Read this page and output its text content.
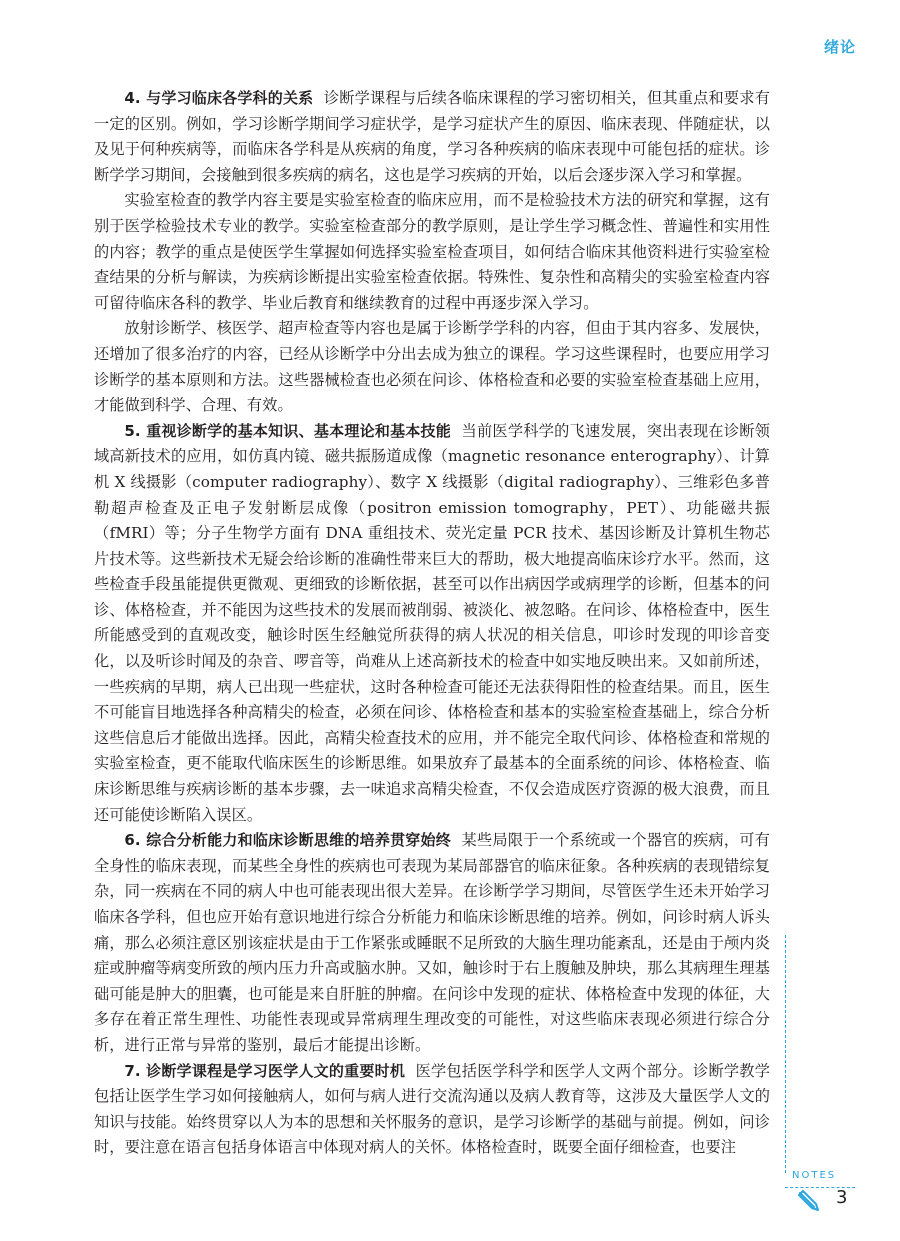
绪论

4. 与学习临床各学科的关系 诊断学课程与后续各临床课程的学习密切相关，但其重点和要求有一定的区别。例如，学习诊断学期间学习症状学，是学习症状产生的原因、临床表现、伴随症状，以及见于何种疾病等，而临床各学科是从疾病的角度，学习各种疾病的临床表现中可能包括的症状。诊断学学习期间，会接触到很多疾病的病名，这也是学习疾病的开始，以后会逐步深入学习和掌握。

实验室检查的教学内容主要是实验室检查的临床应用，而不是检验技术方法的研究和掌握，这有别于医学检验技术专业的教学。实验室检查部分的教学原则，是让学生学习概念性、普遍性和实用性的内容；教学的重点是使医学生掌握如何选择实验室检查项目，如何结合临床其他资料进行实验室检查结果的分析与解读，为疾病诊断提出实验室检查依据。特殊性、复杂性和高精尖的实验室检查内容可留待临床各科的教学、毕业后教育和继续教育的过程中再逐步深入学习。

放射诊断学、核医学、超声检查等内容也是属于诊断学学科的内容，但由于其内容多、发展快，还增加了很多治疗的内容，已经从诊断学中分出去成为独立的课程。学习这些课程时，也要应用学习诊断学的基本原则和方法。这些器械检查也必须在问诊、体格检查和必要的实验室检查基础上应用，才能做到科学、合理、有效。

5. 重视诊断学的基本知识、基本理论和基本技能 当前医学科学的飞速发展，突出表现在诊断领域高新技术的应用，如仿真内镜、磁共振肠道成像（magnetic resonance enterography）、计算机 X 线摄影（computer radiography）、数字 X 线摄影（digital radiography）、三维彩色多普勒超声检查及正电子发射断层成像（positron emission tomography，PET）、功能磁共振（fMRI）等；分子生物学方面有 DNA 重组技术、荧光定量 PCR 技术、基因诊断及计算机生物芯片技术等。这些新技术无疑会给诊断的准确性带来巨大的帮助，极大地提高临床诊疗水平。然而，这些检查手段虽能提供更微观、更细致的诊断依据，甚至可以作出病因学或病理学的诊断，但基本的问诊、体格检查，并不能因为这些技术的发展而被削弱、被淡化、被忽略。在问诊、体格检查中，医生所能感受到的直观改变，触诊时医生经触觉所获得的病人状况的相关信息，叩诊时发现的叩诊音变化，以及听诊时闻及的杂音、啰音等，尚难从上述高新技术的检查中如实地反映出来。又如前所述，一些疾病的早期，病人已出现一些症状，这时各种检查可能还无法获得阳性的检查结果。而且，医生不可能盲目地选择各种高精尖的检查，必须在问诊、体格检查和基本的实验室检查基础上，综合分析这些信息后才能做出选择。因此，高精尖检查技术的应用，并不能完全取代问诊、体格检查和常规的实验室检查，更不能取代临床医生的诊断思维。如果放弃了最基本的全面系统的问诊、体格检查、临床诊断思维与疾病诊断的基本步骤，去一味追求高精尖检查，不仅会造成医疗资源的极大浪费，而且还可能使诊断陷入误区。

6. 综合分析能力和临床诊断思维的培养贯穿始终 某些局限于一个系统或一个器官的疾病，可有全身性的临床表现，而某些全身性的疾病也可表现为某局部器官的临床征象。各种疾病的表现错综复杂，同一疾病在不同的病人中也可能表现出很大差异。在诊断学学习期间，尽管医学生还未开始学习临床各学科，但也应开始有意识地进行综合分析能力和临床诊断思维的培养。例如，问诊时病人诉头痛，那么必须注意区别该症状是由于工作紧张或睡眠不足所致的大脑生理功能紊乱，还是由于颅内炎症或肿瘤等病变所致的颅内压力升高或脑水肿。又如，触诊时于右上腹触及肿块，那么其病理生理基础可能是肿大的胆囊，也可能是来自肝脏的肿瘤。在问诊中发现的症状、体格检查中发现的体征，大多存在着正常生理性、功能性表现或异常病理生理改变的可能性，对这些临床表现必须进行综合分析，进行正常与异常的鉴别，最后才能提出诊断。

7. 诊断学课程是学习医学人文的重要时机 医学包括医学科学和医学人文两个部分。诊断学教学包括让医学生学习如何接触病人，如何与病人进行交流沟通以及病人教育等，这涉及大量医学人文的知识与技能。始终贯穿以人为本的思想和关怀服务的意识，是学习诊断学的基础与前提。例如，问诊时，要注意在语言包括身体语言中体现对病人的关怀。体格检查时，既要全面仔细检查，也要注

NOTES
3
